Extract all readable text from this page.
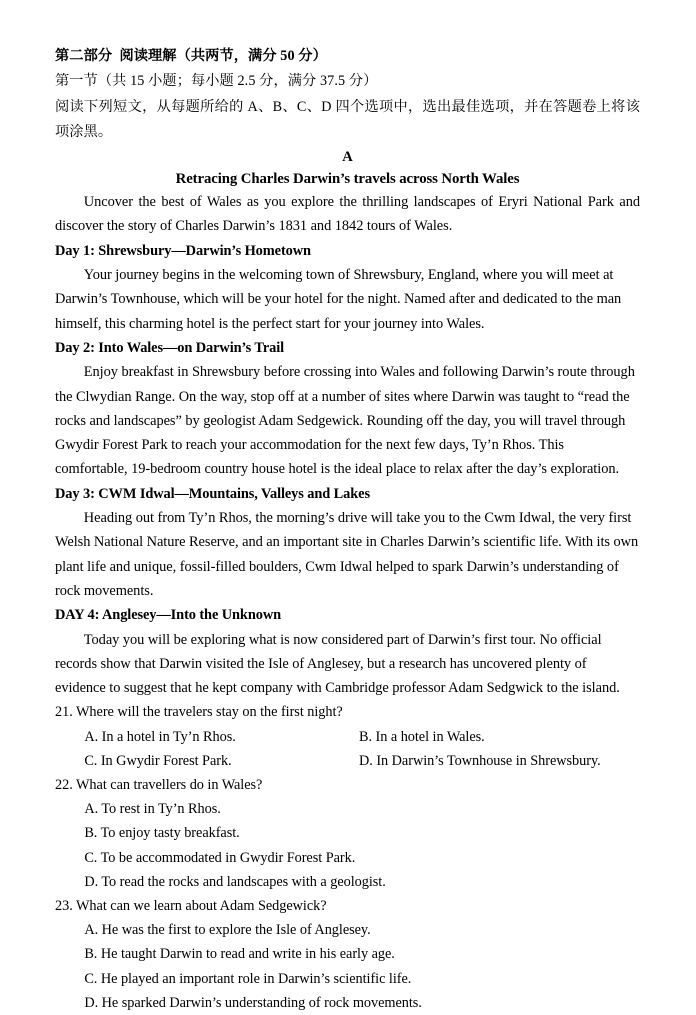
第二部分  阅读理解（共两节，满分 50 分）
第一节（共 15 小题；每小题 2.5 分，满分 37.5 分）
阅读下列短文，从每题所给的 A、B、C、D 四个选项中，选出最佳选项，并在答题卷上将该项涂黑。
A
Retracing Charles Darwin’s travels across North Wales

Uncover the best of Wales as you explore the thrilling landscapes of Eryri National Park and discover the story of Charles Darwin’s 1831 and 1842 tours of Wales.

Day 1: Shrewsbury—Darwin’s Hometown

Your journey begins in the welcoming town of Shrewsbury, England, where you will meet at Darwin’s Townhouse, which will be your hotel for the night. Named after and dedicated to the man himself, this charming hotel is the perfect start for your journey into Wales.

Day 2: Into Wales—on Darwin’s Trail

Enjoy breakfast in Shrewsbury before crossing into Wales and following Darwin’s route through the Clwydian Range. On the way, stop off at a number of sites where Darwin was taught to “read the rocks and landscapes” by geologist Adam Sedgewick. Rounding off the day, you will travel through Gwydir Forest Park to reach your accommodation for the next few days, Ty’n Rhos. This comfortable, 19-bedroom country house hotel is the ideal place to relax after the day’s exploration.

Day 3: CWM Idwal—Mountains, Valleys and Lakes

Heading out from Ty’n Rhos, the morning’s drive will take you to the Cwm Idwal, the very first Welsh National Nature Reserve, and an important site in Charles Darwin’s scientific life. With its own plant life and unique, fossil-filled boulders, Cwm Idwal helped to spark Darwin’s understanding of rock movements.

DAY 4: Anglesey—Into the Unknown

Today you will be exploring what is now considered part of Darwin’s first tour. No official records show that Darwin visited the Isle of Anglesey, but a research has uncovered plenty of evidence to suggest that he kept company with Cambridge professor Adam Sedgwick to the island.

21. Where will the travelers stay on the first night?

A. In a hotel in Ty’n Rhos.	B. In a hotel in Wales.
C. In Gwydir Forest Park.	D. In Darwin’s Townhouse in Shrewsbury.

22. What can travellers do in Wales?

A. To rest in Ty’n Rhos.

B. To enjoy tasty breakfast.

C. To be accommodated in Gwydir Forest Park.

D. To read the rocks and landscapes with a geologist.

23. What can we learn about Adam Sedgewick?

A. He was the first to explore the Isle of Anglesey.

B. He taught Darwin to read and write in his early age.

C. He played an important role in Darwin’s scientific life.

D. He sparked Darwin’s understanding of rock movements.
